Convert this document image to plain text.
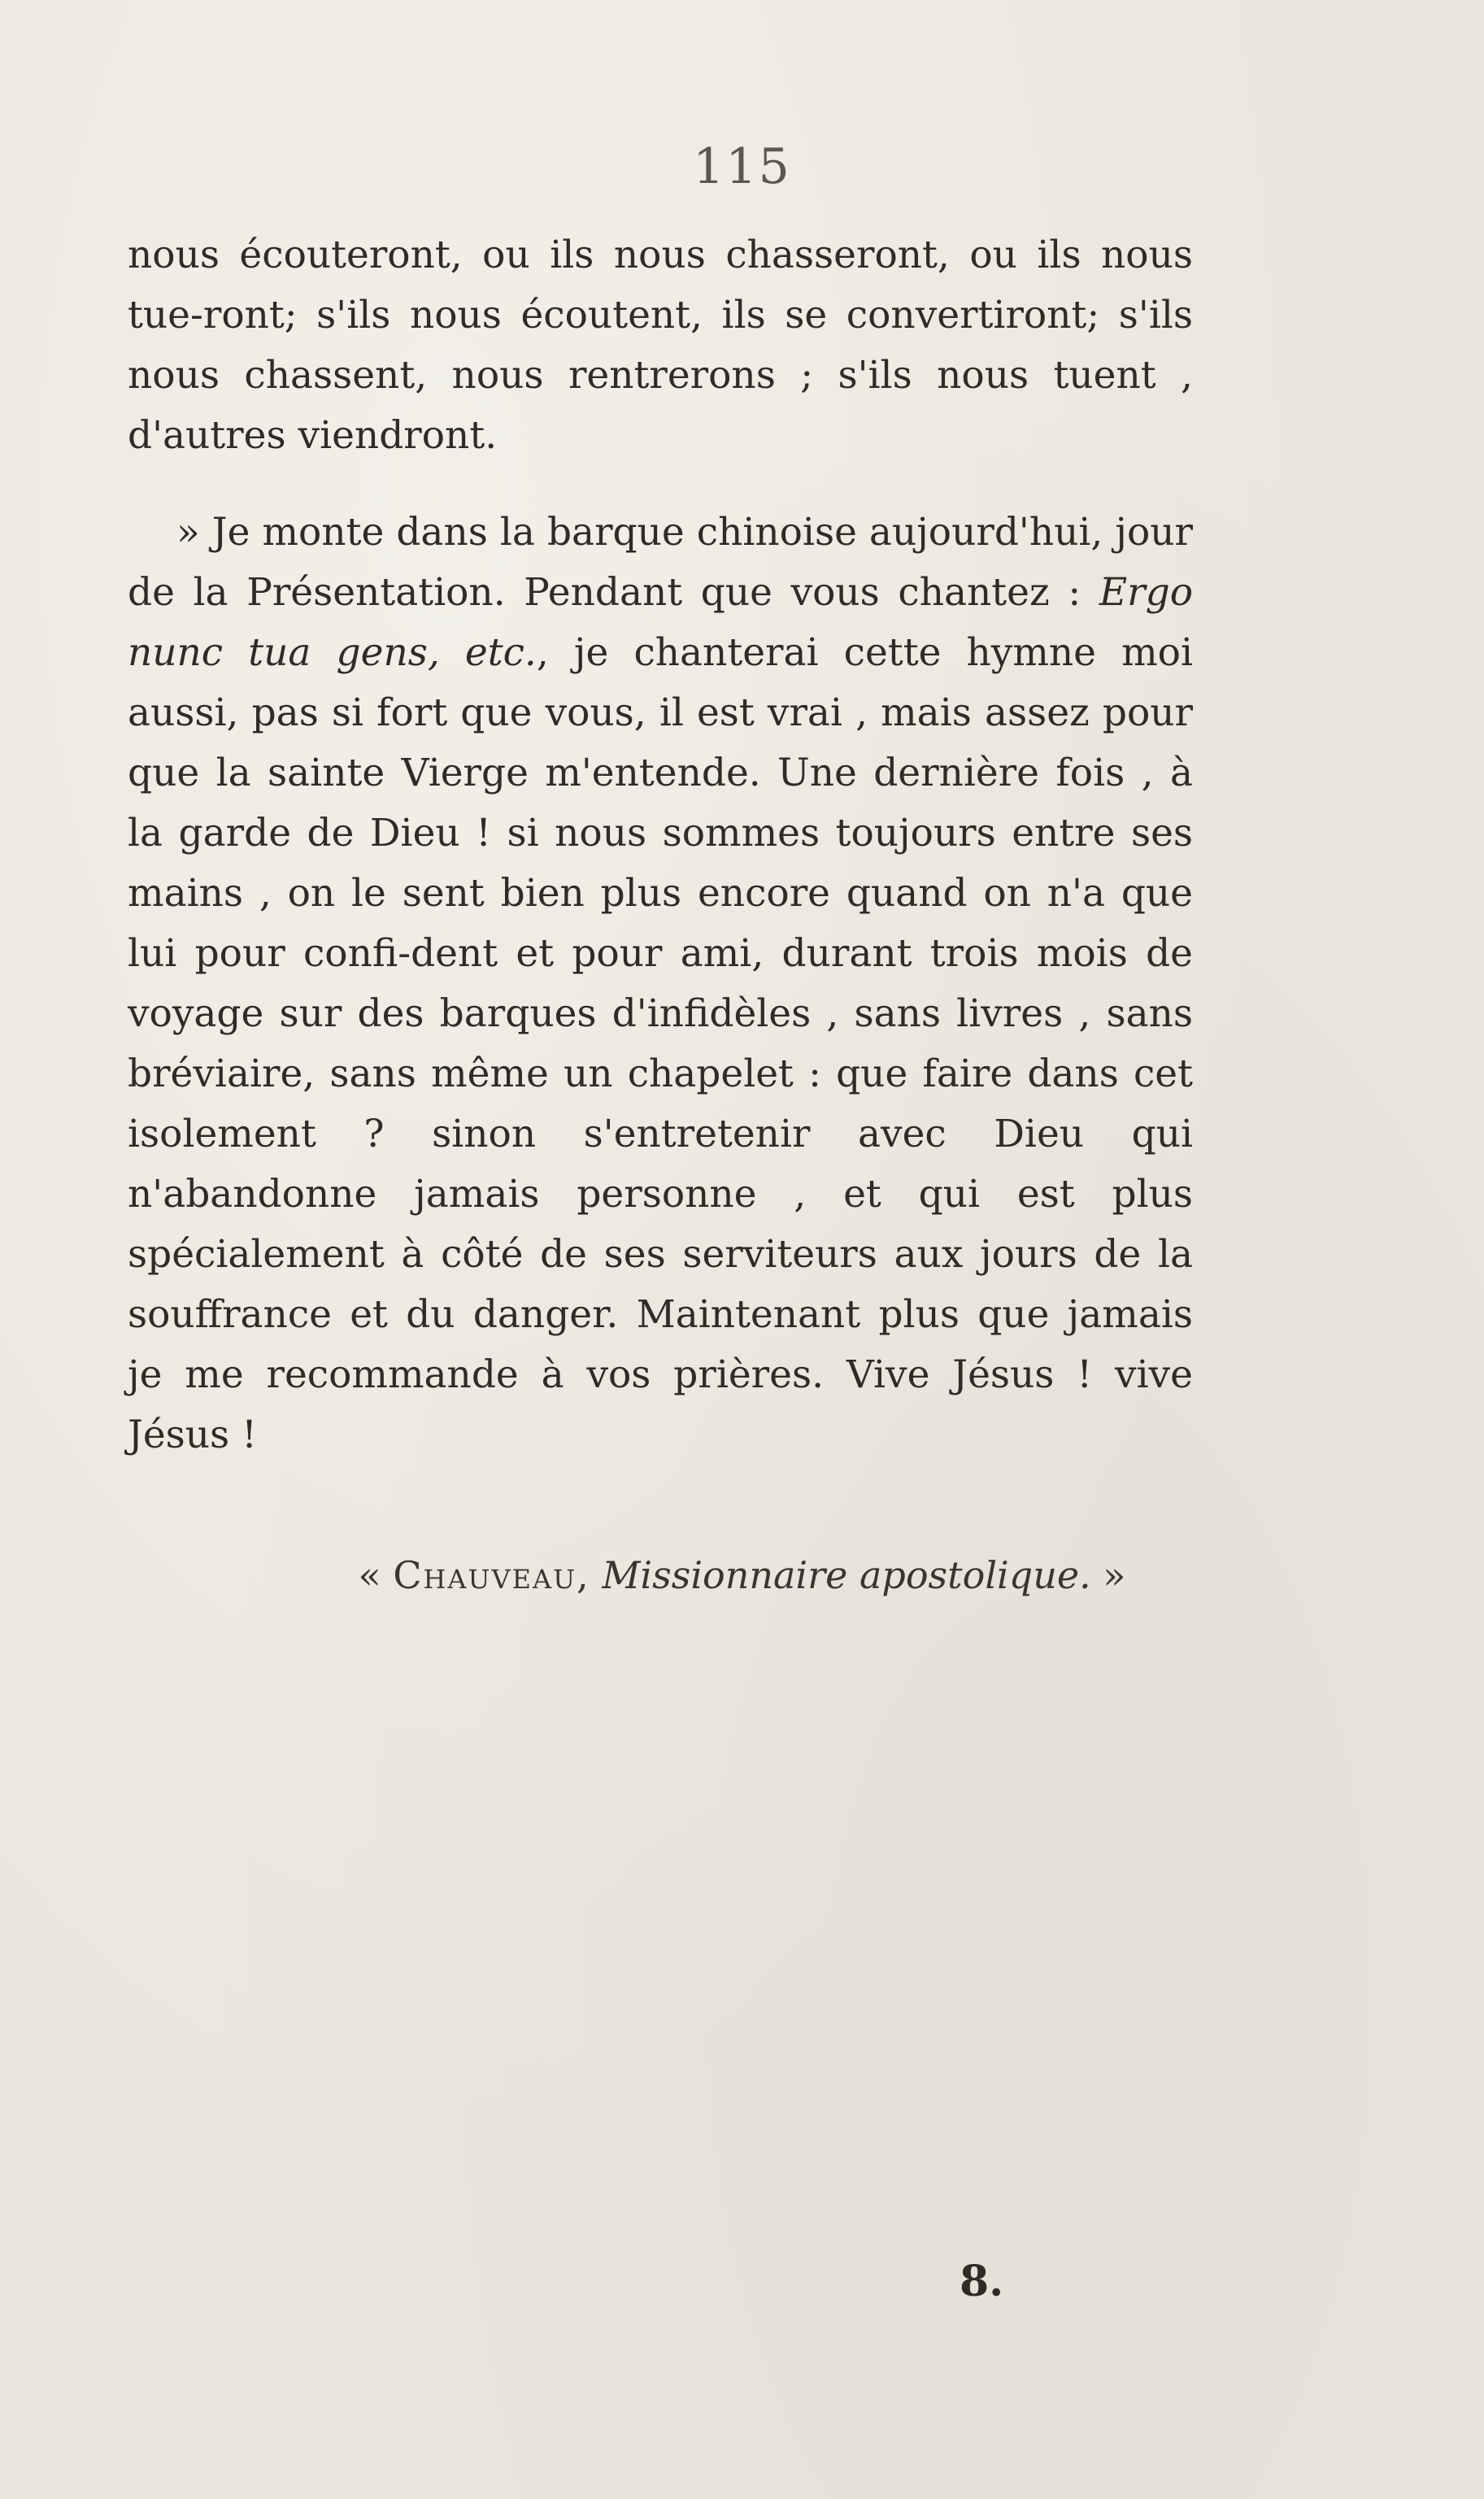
115

nous écouteront, ou ils nous chasseront, ou ils nous tue-ront; s'ils nous écoutent, ils se convertiront; s'ils nous chassent, nous rentrerons ; s'ils nous tuent , d'autres viendront.

» Je monte dans la barque chinoise aujourd'hui, jour de la Présentation. Pendant que vous chantez : Ergo nunc tua gens, etc., je chanterai cette hymne moi aussi, pas si fort que vous, il est vrai , mais assez pour que la sainte Vierge m'entende. Une dernière fois , à la garde de Dieu ! si nous sommes toujours entre ses mains , on le sent bien plus encore quand on n'a que lui pour confi-dent et pour ami, durant trois mois de voyage sur des barques d'infidèles , sans livres , sans bréviaire, sans même un chapelet : que faire dans cet isolement ? sinon s'entretenir avec Dieu qui n'abandonne jamais personne , et qui est plus spécialement à côté de ses serviteurs aux jours de la souffrance et du danger. Maintenant plus que jamais je me recommande à vos prières. Vive Jésus ! vive Jésus !

« Chauveau, Missionnaire apostolique. »
8.
